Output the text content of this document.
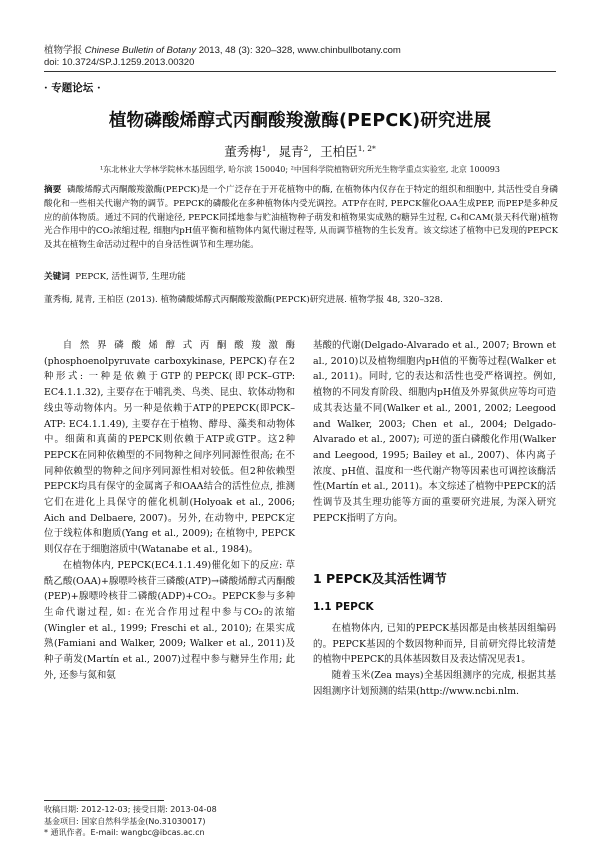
植物学报 Chinese Bulletin of Botany 2013, 48 (3): 320–328, www.chinbullbotany.com
doi: 10.3724/SP.J.1259.2013.00320
· 专题论坛 ·
植物磷酸烯醇式丙酮酸羧激酶(PEPCK)研究进展
董秀梅$^1$,  晁青$^2$,  王柏臣$^{1, 2*}$
¹东北林业大学林学院林木基因组学, 哈尔滨 150040; ²中国科学院植物研究所光生物学重点实验室, 北京 100093
摘要 磷酸烯醇式丙酮酸羧激酶(PEPCK)是一个广泛存在于开花植物中的酶, 在植物体内仅存在于特定的组织和细胞中, 其活性受自身磷酸化和一些相关代谢产物的调节。PEPCK的磷酸化在多种植物体内受光调控。ATP存在时, PEPCK催化OAA生成PEP, 而PEP是多种反应的前体物质。通过不同的代谢途径, PEPCK同揉地参与贮油植物种子萌发和植物果实成熟的糖异生过程, C₄和CAM(景天科代谢)植物光合作用中的CO₂浓缩过程, 细胞内pH值平衡和植物体内氮代谢过程等, 从而调节植物的生长发育。该文综述了植物中已发现的PEPCK及其在植物生命活动过程中的自身活性调节和生理功能。
关键词 PEPCK, 活性调节, 生理功能
董秀梅, 晁青, 王柏臣 (2013). 植物磷酸烯醇式丙酮酸羧激酶(PEPCK)研究进展. 植物学报 48, 320–328.

自然界磷酸烯醇式丙酮酸羧激酶(phosphoenolpyruvate carboxykinase, PEPCK)存在2种形式: 一种是依赖于GTP的PEPCK(即PCK–GTP: EC4.1.1.32), 主要存在于哺乳类、鸟类、昆虫、软体动物和线虫等动物体内。另一种是依赖于ATP的PEPCK(即PCK–ATP: EC4.1.1.49), 主要存在于植物、酵母、藻类和动物体中。细菌和真菌的PEPCK则依赖于ATP或GTP。这2种PEPCK在同种依赖型的不同物种之间序列同源性很高; 在不同种依赖型的物种之间序列同源性相对较低。但2种依赖型PEPCK均具有保守的金属离子和OAA结合的活性位点, 推测它们在进化上具保守的催化机制(Holyoak et al., 2006; Aich and Delbaere, 2007)。另外, 在动物中, PEPCK定位于线粒体和胞质(Yang et al., 2009); 在植物中, PEPCK则仅存在于细胞溶质中(Watanabe et al., 1984)。

在植物体内, PEPCK(EC4.1.1.49)催化如下的反应: 草酰乙酸(OAA)+腺嘌呤核苷三磷酸(ATP)→磷酸烯醇式丙酮酸(PEP)+腺嘌呤核苷二磷酸(ADP)+CO₂。PEPCK参与多种生命代谢过程, 如: 在光合作用过程中参与CO₂的浓缩(Wingler et al., 1999; Freschi et al., 2010); 在果实成熟(Famiani and Walker, 2009; Walker et al., 2011)及种子萌发(Martín et al., 2007)过程中参与糖异生作用; 此外, 还参与氮和氨

基酸的代谢(Delgado-Alvarado et al., 2007; Brown et al., 2010)以及植物细胞内pH值的平衡等过程(Walker et al., 2011)。同时, 它的表达和活性也受严格调控。例如, 植物的不同发育阶段、细胞内pH值及外界氮供应等均可造成其表达量不同(Walker et al., 2001, 2002; Leegood and Walker, 2003; Chen et al., 2004; Delgado-Alvarado et al., 2007); 可逆的蛋白磷酸化作用(Walker and Leegood, 1995; Bailey et al., 2007)、体内离子浓度、pH值、温度和一些代谢产物等因素也可调控该酶活性(Martín et al., 2011)。本文综述了植物中PEPCK的活性调节及其生理功能等方面的重要研究进展, 为深入研究PEPCK指明了方向。

1 PEPCK及其活性调节
1.1 PEPCK

在植物体内, 已知的PEPCK基因都是由核基因组编码的。PEPCK基因的个数因物种而异, 目前研究得比较清楚的植物中PEPCK的具体基因数目及表达情况见表1。

随着玉米(Zea mays)全基因组测序的完成, 根据其基因组测序计划预测的结果(http://www.ncbi.nlm.

收稿日期: 2012-12-03; 接受日期: 2013-04-08
基金项目: 国家自然科学基金(No.31030017)
* 通讯作者。E-mail: wangbc@ibcas.ac.cn
